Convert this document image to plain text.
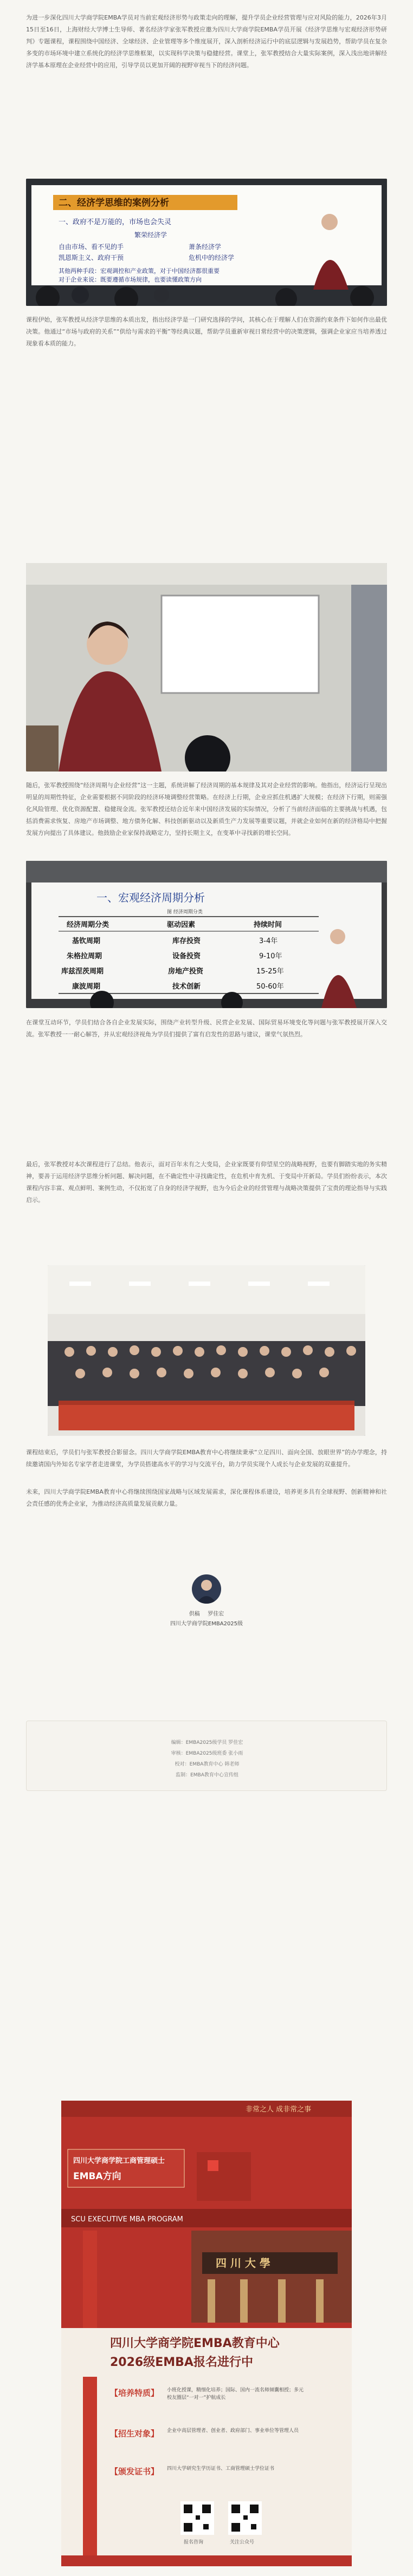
为进一步深化四川大学商学院EMBA学员对当前宏观经济形势与政策走向的理解，提升学员企业经营管理与应对风险的能力，2026年3月15日至16日，上海财经大学博士生导师、著名经济学家张军教授应邀为四川大学商学院EMBA学员开展《经济学思维与宏观经济形势研判》专题课程，课程围绕中国经济、全球经济、企业管理等多个维度展开，深入剖析经济运行中的底层逻辑与发展趋势，帮助学员在复杂多变的市场环境中建立系统化的经济学思维框架，以实现科学决策与稳健经营。课堂上，张军教授结合大量实际案例，深入浅出地讲解经济学基本原理在企业经营中的应用，引导学员以更加开阔的视野审视当下的经济问题。

二、经济学思维的案例分析
一、政府不是万能的，市场也会失灵
繁荣经济学
自由市场、看不见的手
凯恩斯主义、政府干预
萧条经济学
危机中的经济学
其他两种手段：宏观调控和产业政策，对于中国经济都很重要
对于企业来说：既要遵循市场规律，也要读懂政策方向

课程伊始，张军教授从经济学思维的本质出发，指出经济学是一门研究选择的学问，其核心在于理解人们在资源约束条件下如何作出最优决策。他通过“市场与政府的关系”“供给与需求的平衡”等经典议题，帮助学员重新审视日常经营中的决策逻辑，强调企业家应当培养透过现象看本质的能力。

随后，张军教授围绕“经济周期与企业经营”这一主题，系统讲解了经济周期的基本规律及其对企业经营的影响。他指出，经济运行呈现出明显的周期性特征，企业需要根据不同阶段的经济环境调整经营策略。在经济上行期，企业应抓住机遇扩大规模；在经济下行期，则需强化风险管理、优化资源配置、稳健现金流。张军教授还结合近年来中国经济发展的实际情况，分析了当前经济面临的主要挑战与机遇，包括消费需求恢复、房地产市场调整、地方债务化解、科技创新驱动以及新质生产力发展等重要议题，并就企业如何在新的经济格局中把握发展方向提出了具体建议。他鼓励企业家保持战略定力，坚持长期主义，在变革中寻找新的增长空间。

一、宏观经济周期分析
图 经济周期分类
经济周期分类	驱动因素	持续时间
基钦周期	库存投资	3-4年
朱格拉周期	设备投资	9-10年
库兹涅茨周期	房地产投资	15-25年
康波周期	技术创新	50-60年

在课堂互动环节，学员们结合各自企业发展实际，围绕产业转型升级、民营企业发展、国际贸易环境变化等问题与张军教授展开深入交流。张军教授一一耐心解答，并从宏观经济视角为学员们提供了富有启发性的思路与建议，课堂气氛热烈。

最后，张军教授对本次课程进行了总结。他表示，面对百年未有之大变局，企业家既要有仰望星空的战略视野，也要有脚踏实地的务实精神，要善于运用经济学思维分析问题、解决问题，在不确定性中寻找确定性，在危机中育先机、于变局中开新局。学员们纷纷表示，本次课程内容丰富、观点鲜明、案例生动，不仅拓宽了自身的经济学视野，也为今后企业的经营管理与战略决策提供了宝贵的理论指导与实践启示。

课程结束后，学员们与张军教授合影留念。四川大学商学院EMBA教育中心将继续秉承“立足四川、面向全国、放眼世界”的办学理念，持续邀请国内外知名专家学者走进课堂，为学员搭建高水平的学习与交流平台，助力学员实现个人成长与企业发展的双重提升。

未来，四川大学商学院EMBA教育中心将继续围绕国家战略与区域发展需求，深化课程体系建设，培养更多具有全球视野、创新精神和社会责任感的优秀企业家，为推动经济高质量发展贡献力量。

供稿 罗佳宏
四川大学商学院EMBA2025级
编辑：EMBA2025级学员 罗佳宏
审核：EMBA2025级班委 张小雨
校对：EMBA教育中心 韩老师
监制：EMBA教育中心宣传组
非常之人 成非常之事
四川大学商学院工商管理硕士
EMBA方向
SCU EXECUTIVE MBA PROGRAM
四 川 大 學
四川大学商学院EMBA教育中心
2026级EMBA报名进行中
【培养特质】 小班化授课，精细化培养；国际、国内一流名师倾囊相授；多元校友圈层“一对一”护航成长
【招生对象】 企业中高层管理者、创业者、政府部门、事业单位等管理人员
【颁发证书】 四川大学研究生学历证书、工商管理硕士学位证书
报名咨询	关注公众号
